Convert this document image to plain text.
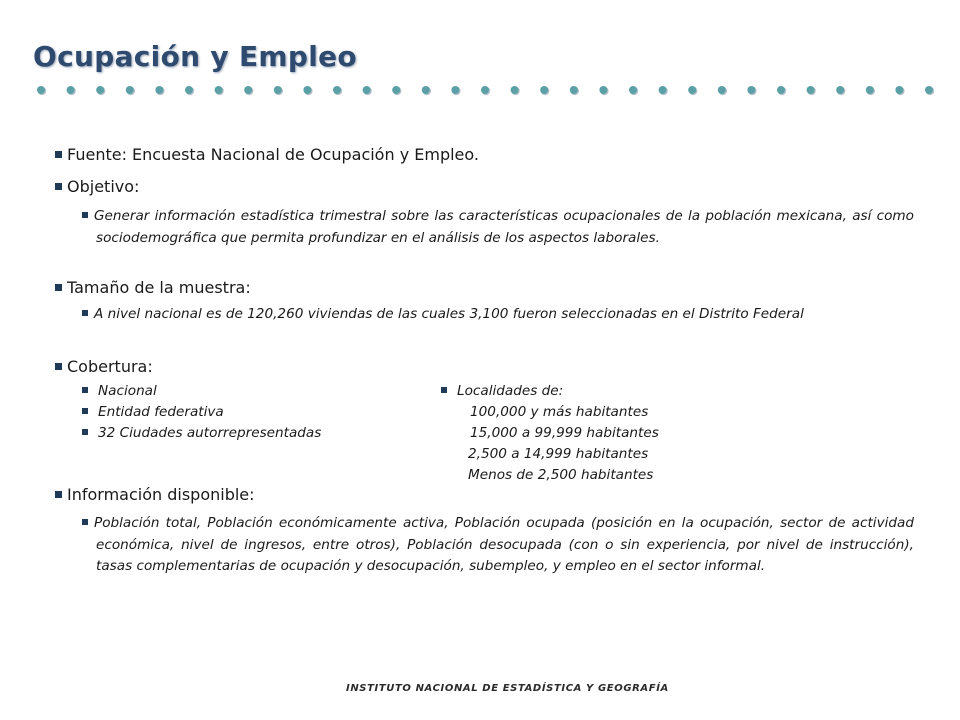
Ocupación y Empleo
Fuente: Encuesta Nacional de Ocupación y Empleo.
Objetivo:
Generar información estadística trimestral sobre las características ocupacionales de la población mexicana, así como sociodemográfica que permita profundizar en el análisis de los aspectos laborales.
Tamaño de la muestra:
A nivel nacional es de 120,260 viviendas de las cuales 3,100 fueron seleccionadas en el Distrito Federal
Cobertura:
Nacional
Entidad federativa
32 Ciudades autorrepresentadas
Localidades de:
100,000 y más habitantes
15,000 a 99,999 habitantes
2,500 a 14,999 habitantes
Menos de 2,500 habitantes
Información disponible:
Población total, Población económicamente activa, Población ocupada (posición en la ocupación, sector de actividad económica, nivel de ingresos, entre otros), Población desocupada (con o sin experiencia, por nivel de instrucción), tasas complementarias de ocupación y desocupación, subempleo, y empleo en el sector informal.
INSTITUTO NACIONAL DE ESTADÍSTICA Y GEOGRAFÍA
